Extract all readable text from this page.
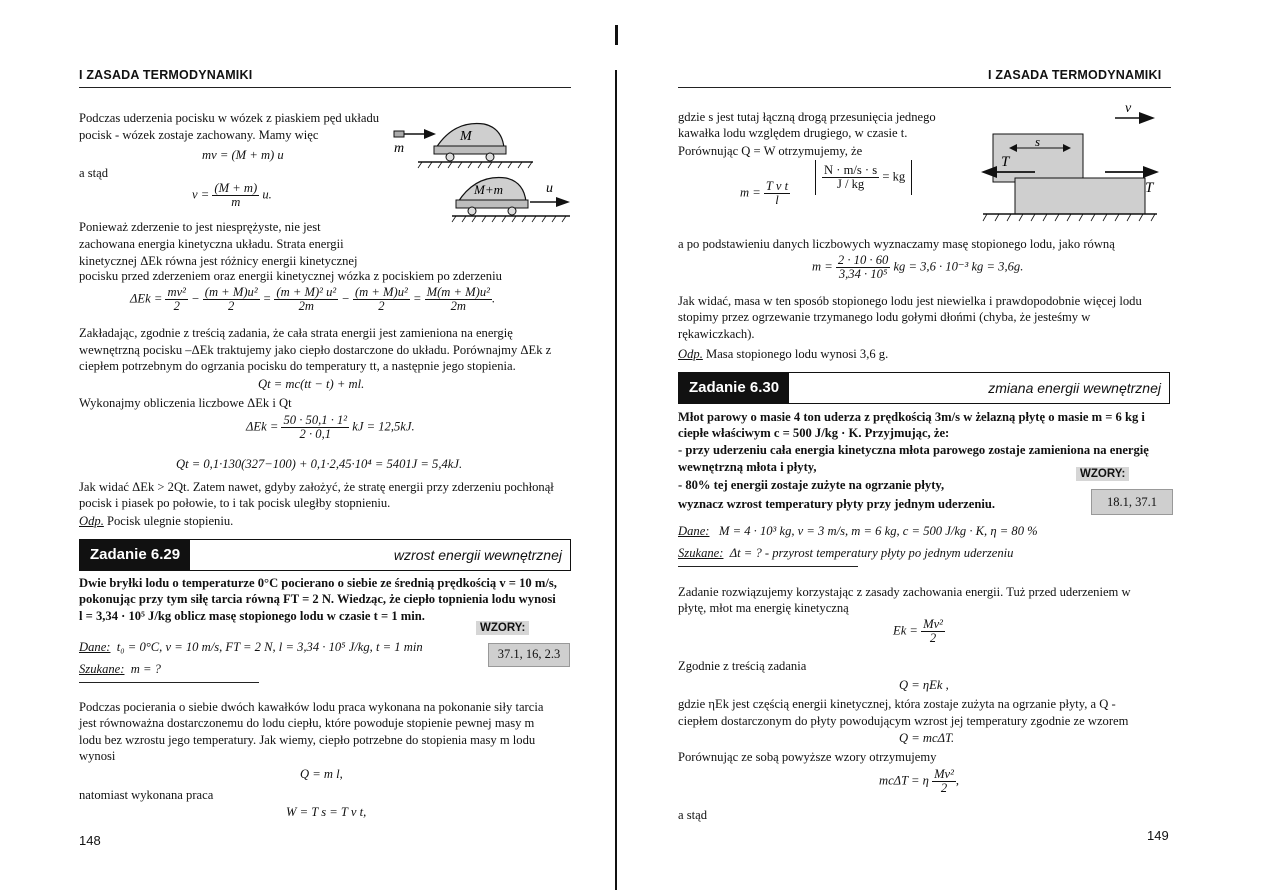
I ZASADA TERMODYNAMIKI
Podczas uderzenia pocisku w wózek z piaskiem pęd układu
pocisk - wózek zostaje zachowany. Mamy więc
mv = (M + m) u
a stąd
$v = \frac{(M + m)}{m} u$.
M
m
M+m	u
Ponieważ zderzenie to jest niesprężyste, nie jest
zachowana energia kinetyczna układu. Strata energii
kinetycznej ΔEk równa jest różnicy energii kinetycznej
pocisku przed zderzeniem oraz energii kinetycznej wózka z pociskiem po zderzeniu
$\Delta Ek = \frac{\text{mv²}}{2} - \frac{\text{(m + M)u²}}{2} = \frac{\text{(m + M)² u²}}{2m} - \frac{\text{(m + M)u²}}{2} = \frac{\text{M(m + M)u²}}{2m}$ .
Zakładając, zgodnie z treścią zadania, że cała strata energii jest zamieniona na energię
wewnętrzną pocisku –ΔEk traktujemy jako ciepło dostarczone do układu. Porównajmy ΔEk z
ciepłem potrzebnym do ogrzania pocisku do temperatury tt, a następnie jego stopienia.
Qt = mc(tt − t) + ml.
Wykonajmy obliczenia liczbowe ΔEk i Qt
$\Delta Ek = \frac{\text{50 · 50,1 · 1²}}{2 \cdot 0,1}$ kJ = 12,5kJ.
Qt = 0,1·130(327−100) + 0,1·2,45·10⁴ = 5401J = 5,4kJ.
Jak widać ΔEk > 2Qt. Zatem nawet, gdyby założyć, że stratę energii przy zderzeniu pochłonął
pocisk i piasek po połowie, to i tak pocisk uległby stopnieniu.
Odp. Pocisk ulegnie stopieniu.
Zadanie 6.29	wzrost energii wewnętrznej
Dwie bryłki lodu o temperaturze 0°C pocierano o siebie ze średnią prędkością v = 10 m/s,
pokonując przy tym siłę tarcia równą FT = 2 N. Wiedząc, że ciepło topnienia lodu wynosi
l = 3,34 · 10⁵ J/kg oblicz masę stopionego lodu w czasie t = 1 min.
WZORY:
37.1, 16, 2.3
Dane: t₀ = 0°C, v = 10 m/s, FT = 2 N, l = 3,34 · 10⁵ J/kg, t = 1 min
Szukane: m = ?
Podczas pocierania o siebie dwóch kawałków lodu praca wykonana na pokonanie siły tarcia
jest równoważna dostarczonemu do lodu ciepłu, które powoduje stopienie pewnej masy m
lodu bez wzrostu jego temperatury. Jak wiemy, ciepło potrzebne do stopienia masy m lodu
wynosi
Q = m l,
natomiast wykonana praca
W = T s = T v t,
148
I ZASADA TERMODYNAMIKI
gdzie s jest tutaj łączną drogą przesunięcia jednego
kawałka lodu względem drugiego, w czasie t.
Porównując Q = W otrzymujemy, że
$m = \frac{\text{T v t}}{l}$
$\frac{N \cdot m/s \cdot s}{J / kg}$ = kg
v
s
T
T
a po podstawieniu danych liczbowych wyznaczamy masę stopionego lodu, jako równą
$m = \frac{2 \cdot 10 \cdot 60}{\text{3,34 · 10⁵}}$ kg = 3,6 · 10⁻³ kg = 3,6g.
Jak widać, masa w ten sposób stopionego lodu jest niewielka i prawdopodobnie więcej lodu
stopimy przez ogrzewanie trzymanego lodu gołymi dłońmi (chyba, że jesteśmy w
rękawiczkach).
Odp. Masa stopionego lodu wynosi 3,6 g.
Zadanie 6.30	zmiana energii wewnętrznej
Młot parowy o masie 4 ton uderza z prędkością 3m/s w żelazną płytę o masie m = 6 kg i
ciepłe właściwym c = 500 J/kg · K. Przyjmując, że:
- przy uderzeniu cała energia kinetyczna młota parowego zostaje zamieniona na energię
wewnętrzną młota i płyty,
- 80% tej energii zostaje zużyte na ogrzanie płyty,
wyznacz wzrost temperatury płyty przy jednym uderzeniu.
WZORY:
18.1, 37.1
Dane: M = 4 · 10³ kg, v = 3 m/s, m = 6 kg, c = 500 J/kg · K, η = 80 %
Szukane: Δt = ? - przyrost temperatury płyty po jednym uderzeniu
Zadanie rozwiązujemy korzystając z zasady zachowania energii. Tuż przed uderzeniem w
płytę, młot ma energię kinetyczną
$Ek = \frac{\text{Mv²}}{2}$
Zgodnie z treścią zadania
Q = ηEk ,
gdzie ηEk jest częścią energii kinetycznej, która zostaje zużyta na ogrzanie płyty, a Q -
ciepłem dostarczonym do płyty powodującym wzrost jej temperatury zgodnie ze wzorem
Q = mcΔT.
Porównując ze sobą powyższe wzory otrzymujemy
mcΔT = η $\frac{\text{Mv²}}{2}$ ,
a stąd
149
